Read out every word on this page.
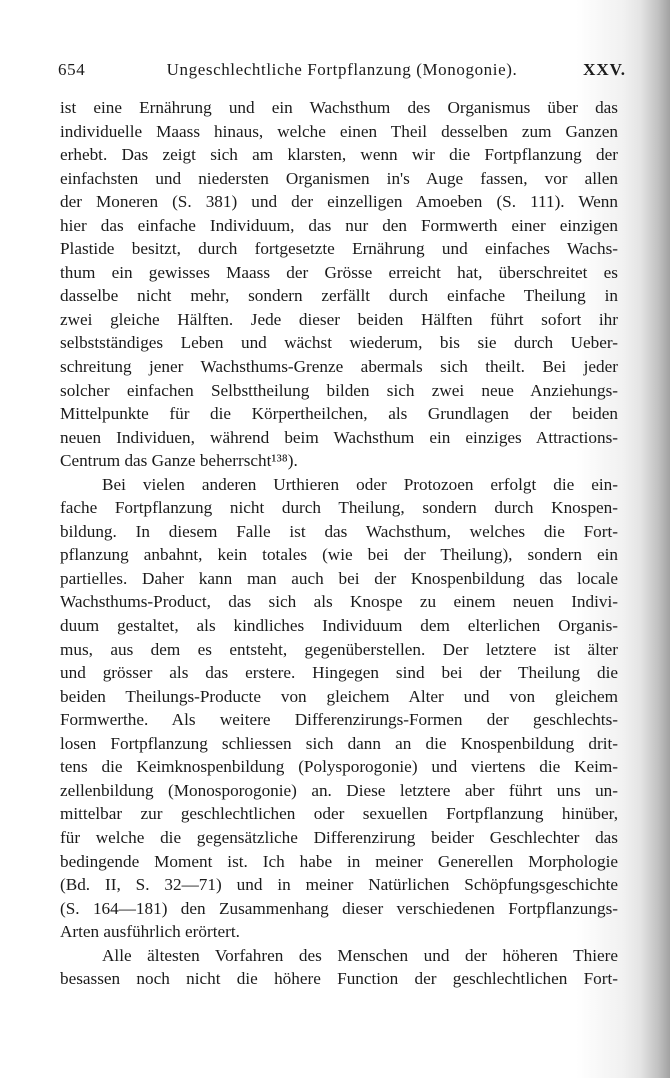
654	Ungeschlechtliche Fortpflanzung (Monogonie).	XXV.
ist eine Ernährung und ein Wachsthum des Organismus über das
individuelle Maass hinaus, welche einen Theil desselben zum Ganzen
erhebt. Das zeigt sich am klarsten, wenn wir die Fortpflanzung der
einfachsten und niedersten Organismen in's Auge fassen, vor allen
der Moneren (S. 381) und der einzelligen Amoeben (S. 111). Wenn
hier das einfache Individuum, das nur den Formwerth einer einzigen
Plastide besitzt, durch fortgesetzte Ernährung und einfaches Wachs-
thum ein gewisses Maass der Grösse erreicht hat, überschreitet es
dasselbe nicht mehr, sondern zerfällt durch einfache Theilung in
zwei gleiche Hälften. Jede dieser beiden Hälften führt sofort ihr
selbstständiges Leben und wächst wiederum, bis sie durch Ueber-
schreitung jener Wachsthums-Grenze abermals sich theilt. Bei jeder
solcher einfachen Selbsttheilung bilden sich zwei neue Anziehungs-
Mittelpunkte für die Körpertheilchen, als Grundlagen der beiden
neuen Individuen, während beim Wachsthum ein einziges Attractions-
Centrum das Ganze beherrscht¹³⁸).
Bei vielen anderen Urthieren oder Protozoen erfolgt die ein-
fache Fortpflanzung nicht durch Theilung, sondern durch Knospen-
bildung. In diesem Falle ist das Wachsthum, welches die Fort-
pflanzung anbahnt, kein totales (wie bei der Theilung), sondern ein
partielles. Daher kann man auch bei der Knospenbildung das locale
Wachsthums-Product, das sich als Knospe zu einem neuen Indivi-
duum gestaltet, als kindliches Individuum dem elterlichen Organis-
mus, aus dem es entsteht, gegenüberstellen. Der letztere ist älter
und grösser als das erstere. Hingegen sind bei der Theilung die
beiden Theilungs-Producte von gleichem Alter und von gleichem
Formwerthe. Als weitere Differenzirungs-Formen der geschlechts-
losen Fortpflanzung schliessen sich dann an die Knospenbildung drit-
tens die Keimknospenbildung (Polysporogonie) und viertens die Keim-
zellenbildung (Monosporogonie) an. Diese letztere aber führt uns un-
mittelbar zur geschlechtlichen oder sexuellen Fortpflanzung hinüber,
für welche die gegensätzliche Differenzirung beider Geschlechter das
bedingende Moment ist. Ich habe in meiner Generellen Morphologie
(Bd. II, S. 32—71) und in meiner Natürlichen Schöpfungsgeschichte
(S. 164—181) den Zusammenhang dieser verschiedenen Fortpflanzungs-
Arten ausführlich erörtert.
Alle ältesten Vorfahren des Menschen und der höheren Thiere
besassen noch nicht die höhere Function der geschlechtlichen Fort-
